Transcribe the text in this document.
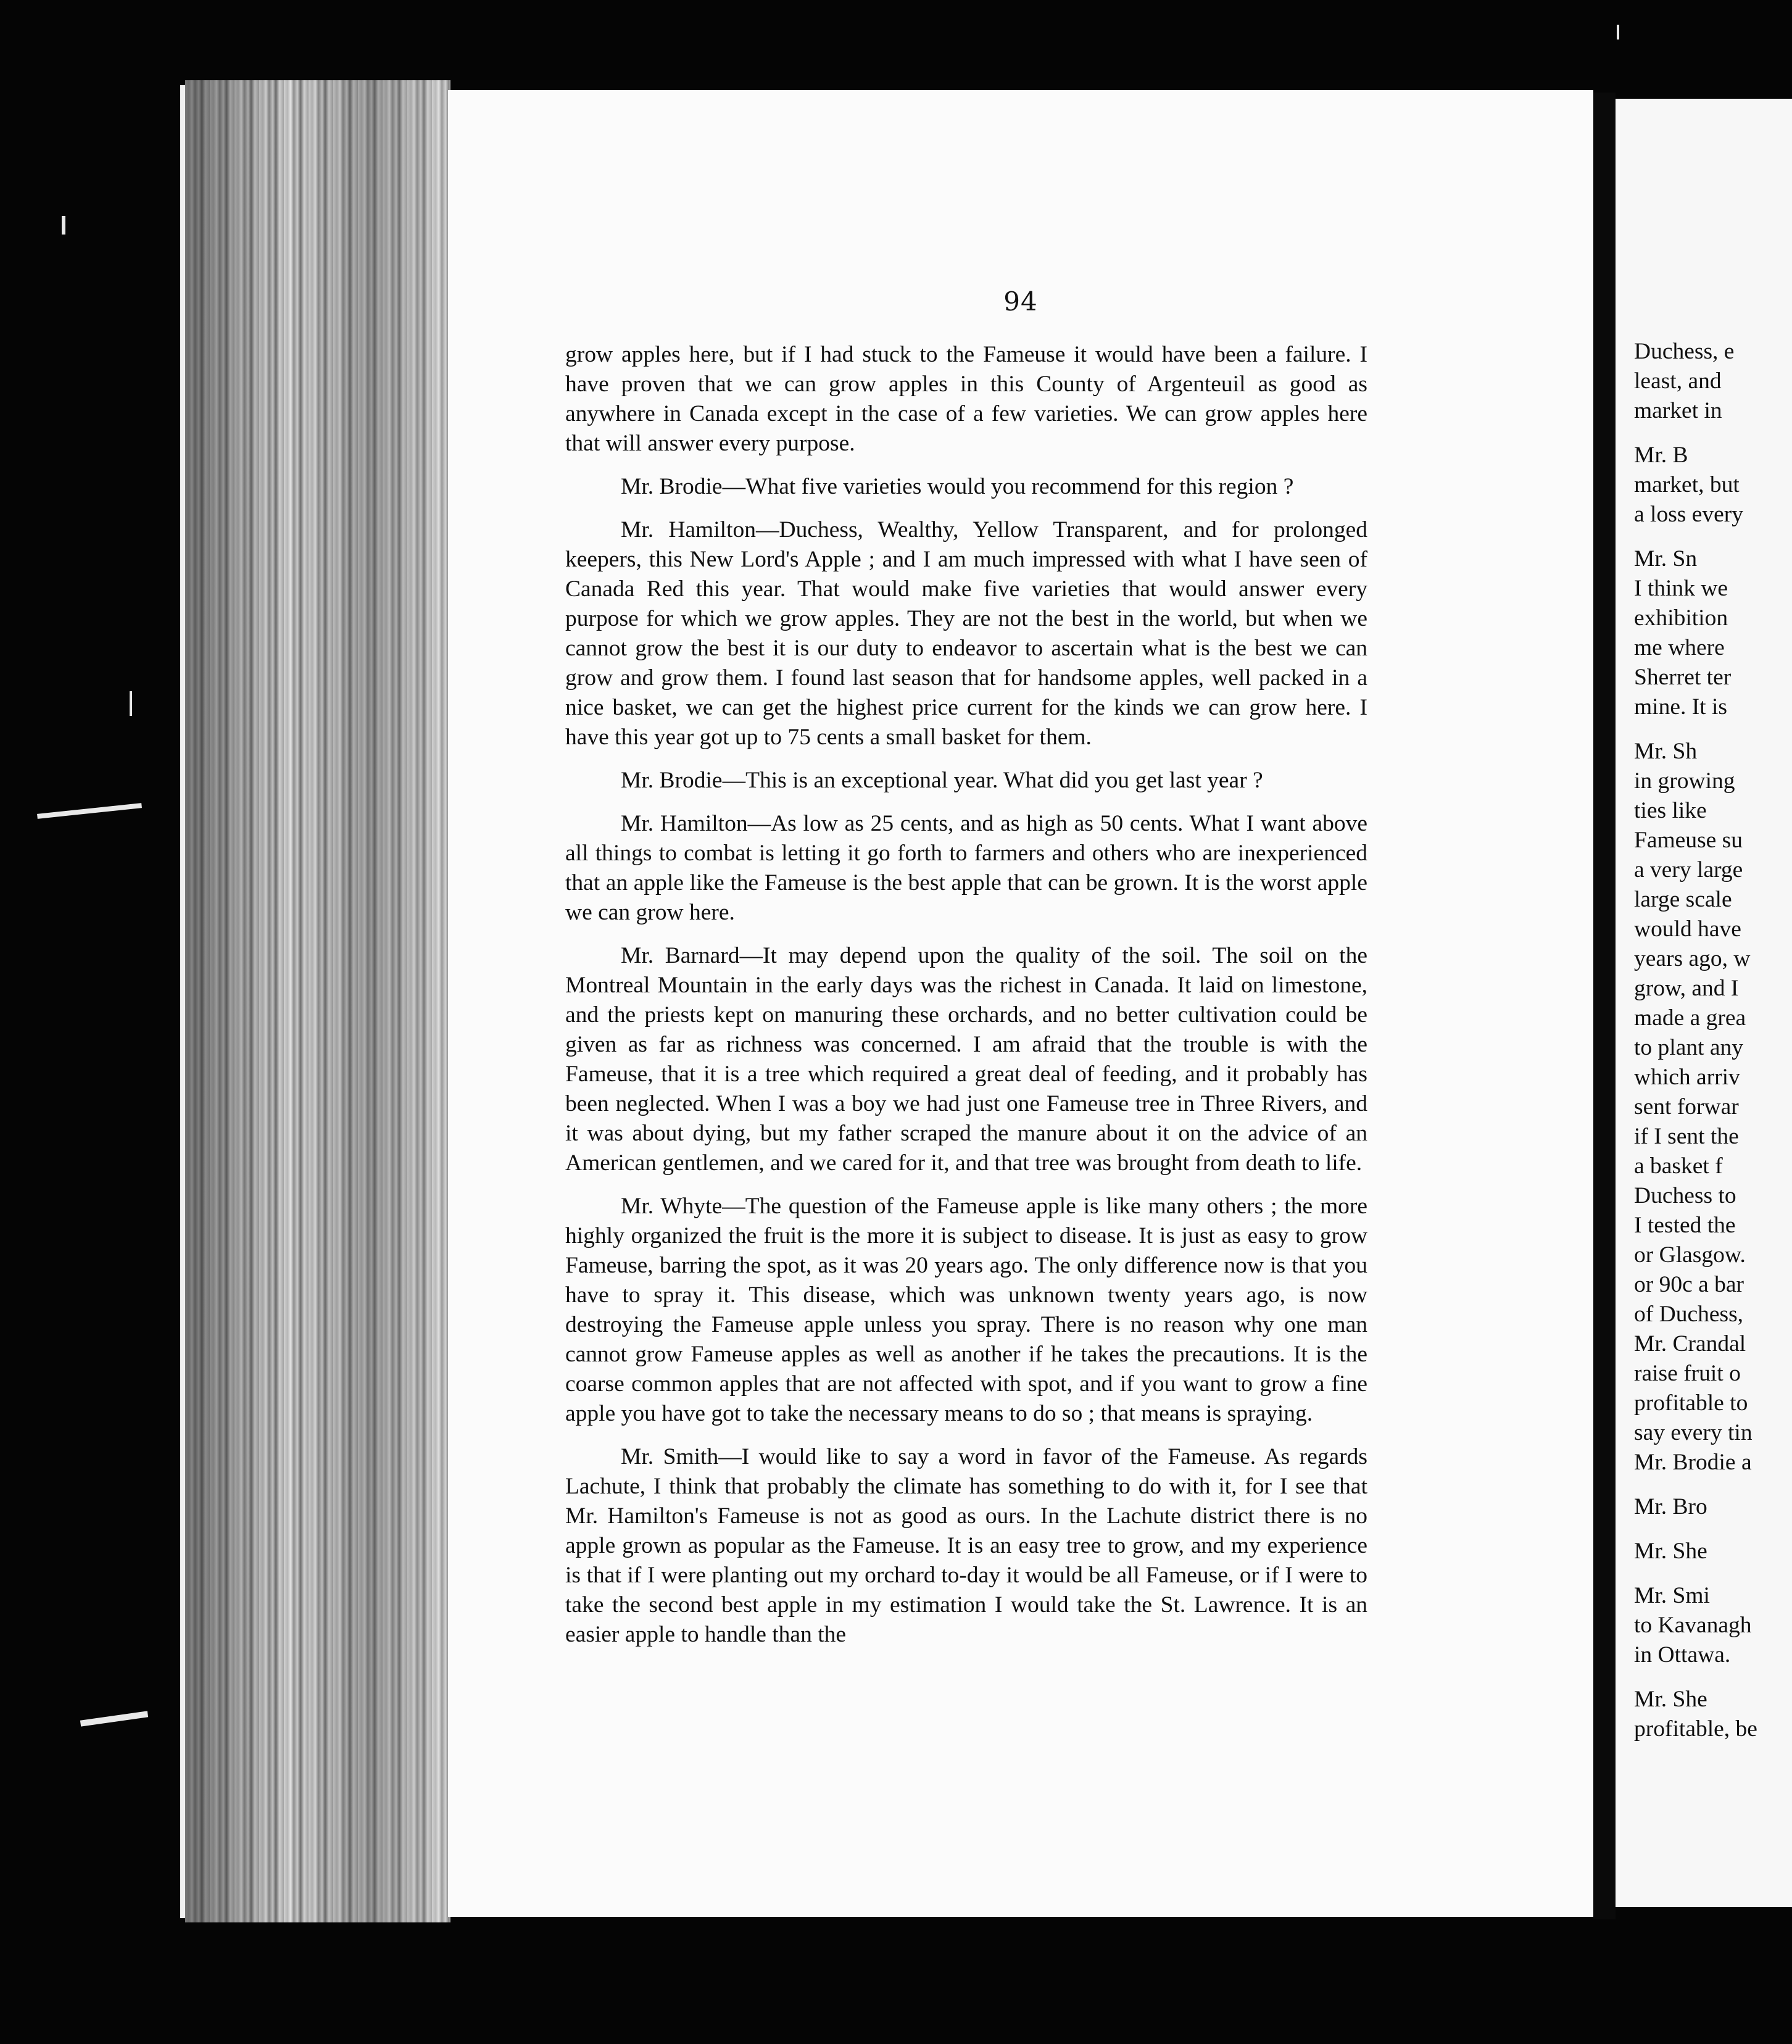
94

grow apples here, but if I had stuck to the Fameuse it would have been a failure. I have proven that we can grow apples in this County of Argenteuil as good as anywhere in Canada except in the case of a few varieties. We can grow apples here that will answer every purpose.

Mr. Brodie—What five varieties would you recommend for this region ?

Mr. Hamilton—Duchess, Wealthy, Yellow Transparent, and for prolonged keepers, this New Lord's Apple ; and I am much impressed with what I have seen of Canada Red this year. That would make five varieties that would answer every purpose for which we grow apples. They are not the best in the world, but when we cannot grow the best it is our duty to endeavor to ascertain what is the best we can grow and grow them. I found last season that for handsome apples, well packed in a nice basket, we can get the highest price current for the kinds we can grow here. I have this year got up to 75 cents a small basket for them.

Mr. Brodie—This is an exceptional year. What did you get last year ?

Mr. Hamilton—As low as 25 cents, and as high as 50 cents. What I want above all things to combat is letting it go forth to farmers and others who are inexperienced that an apple like the Fameuse is the best apple that can be grown. It is the worst apple we can grow here.

Mr. Barnard—It may depend upon the quality of the soil. The soil on the Montreal Mountain in the early days was the richest in Canada. It laid on limestone, and the priests kept on manuring these orchards, and no better cultivation could be given as far as richness was concerned. I am afraid that the trouble is with the Fameuse, that it is a tree which required a great deal of feeding, and it probably has been neglected. When I was a boy we had just one Fameuse tree in Three Rivers, and it was about dying, but my father scraped the manure about it on the advice of an American gentlemen, and we cared for it, and that tree was brought from death to life.

Mr. Whyte—The question of the Fameuse apple is like many others ; the more highly organized the fruit is the more it is subject to disease. It is just as easy to grow Fameuse, barring the spot, as it was 20 years ago. The only difference now is that you have to spray it. This disease, which was unknown twenty years ago, is now destroying the Fameuse apple unless you spray. There is no reason why one man cannot grow Fameuse apples as well as another if he takes the precautions. It is the coarse common apples that are not affected with spot, and if you want to grow a fine apple you have got to take the necessary means to do so ; that means is spraying.

Mr. Smith—I would like to say a word in favor of the Fameuse. As regards Lachute, I think that probably the climate has something to do with it, for I see that Mr. Hamilton's Fameuse is not as good as ours. In the Lachute district there is no apple grown as popular as the Fameuse. It is an easy tree to grow, and my experience is that if I were planting out my orchard to-day it would be all Fameuse, or if I were to take the second best apple in my estimation I would take the St. Lawrence. It is an easier apple to handle than the

Duchess, e
least, and
market in
Mr. B
market, but
a loss every
Mr. Sn
I think we
exhibition
me where
Sherret ter
mine. It is
Mr. Sh
in growing
ties like
Fameuse su
a very large
large scale
would have
years ago, w
grow, and I
made a grea
to plant any
which arriv
sent forwar
if I sent the
a basket f
Duchess to
I tested the
or Glasgow.
or 90c a bar
of Duchess,
Mr. Crandal
raise fruit o
profitable to
say every tin
Mr. Brodie a
Mr. Bro
Mr. She
Mr. Smi
to Kavanagh
in Ottawa.
Mr. She
profitable, be
